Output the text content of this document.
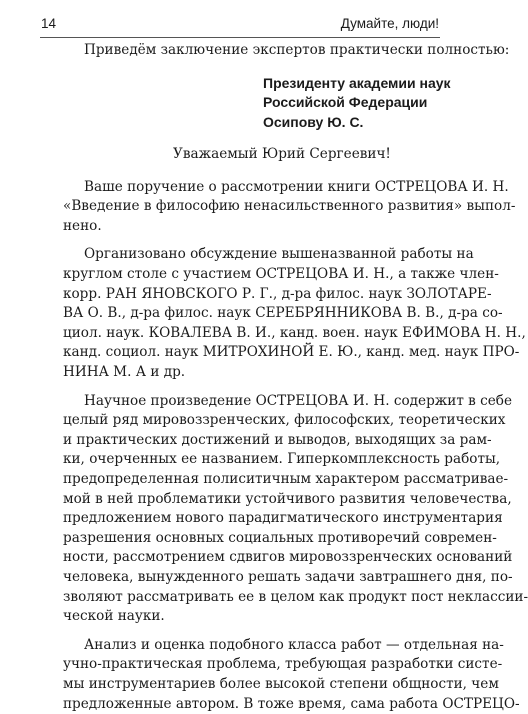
14	Думайте, люди!
Приведём заключение экспертов практически полностью:
Президенту академии наук
Российской Федерации
Осипову Ю. С.
Уважаемый Юрий Сергеевич!
Ваше поручение о рассмотрении книги ОСТРЕЦОВА И. Н.
«Введение в философию ненасильственного развития» выпол-
нено.
Организовано обсуждение вышеназванной работы на
круглом столе с участием ОСТРЕЦОВА И. Н., а также член-
корр. РАН ЯНОВСКОГО Р. Г., д-ра филос. наук ЗОЛОТАРЕ-
ВА О. В., д-ра филос. наук СЕРЕБРЯННИКОВА В. В., д-ра со-
циол. наук. КОВАЛЕВА В. И., канд. воен. наук ЕФИМОВА Н. Н.,
канд. социол. наук МИТРОХИНОЙ Е. Ю., канд. мед. наук ПРО-
НИНА М. А и др.
Научное произведение ОСТРЕЦОВА И. Н. содержит в себе
целый ряд мировоззренческих, философских, теоретических
и практических достижений и выводов, выходящих за рам-
ки, очерченных ее названием. Гиперкомплексность работы,
предопределенная полиситичным характером рассматривае-
мой в ней проблематики устойчивого развития человечества,
предложением нового парадигматического инструментария
разрешения основных социальных противоречий современ-
ности, рассмотрением сдвигов мировоззренческих оснований
человека, вынужденного решать задачи завтрашнего дня, по-
зволяют рассматривать ее в целом как продукт пост неклассии-
ческой науки.
Анализ и оценка подобного класса работ — отдельная на-
учно-практическая проблема, требующая разработки систе-
мы инструментариев более высокой степени общности, чем
предложенные автором. В тоже время, сама работа ОСТРЕЦО-
